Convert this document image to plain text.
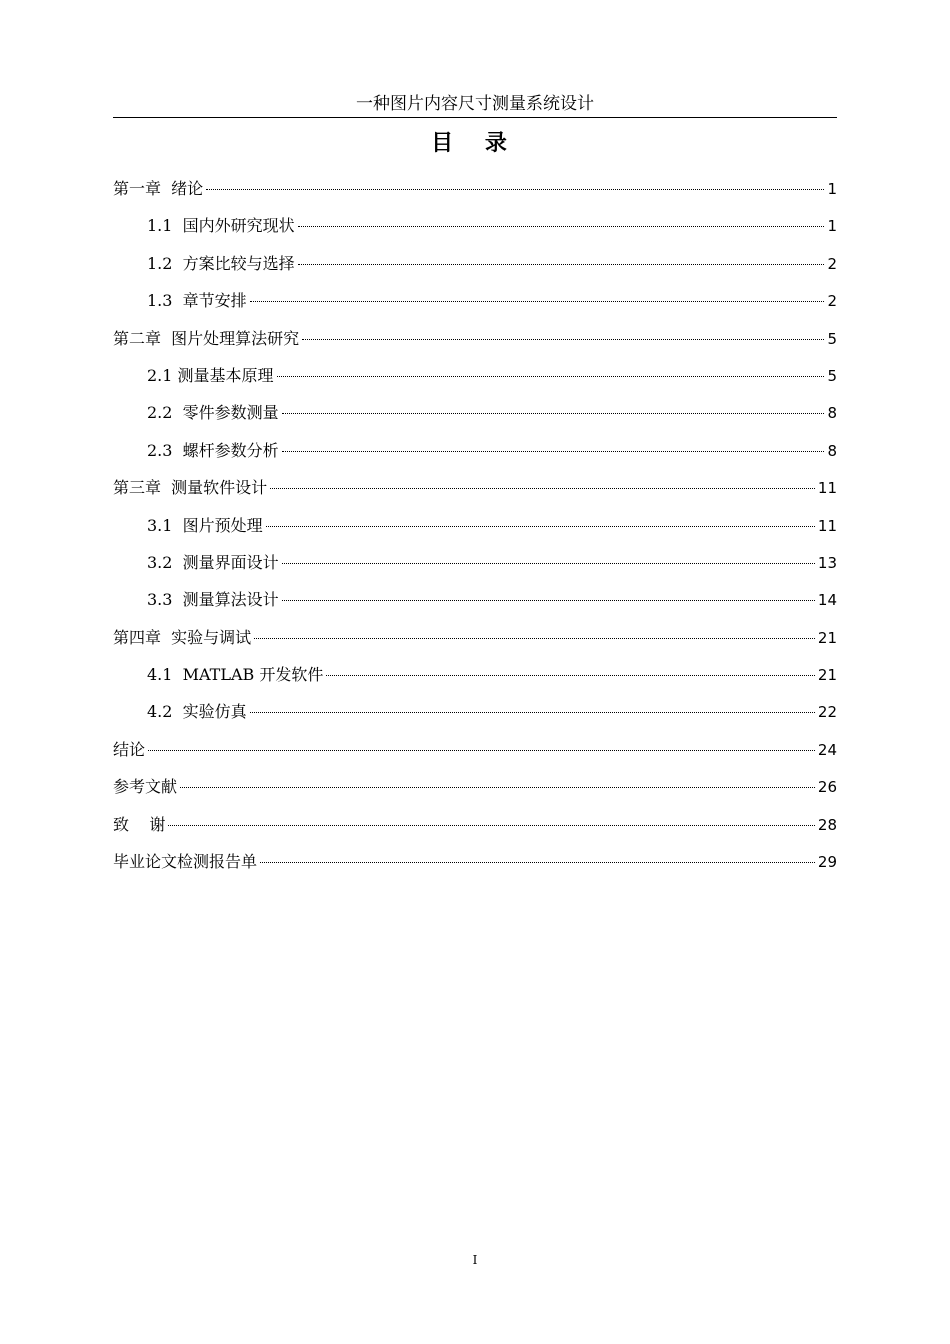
一种图片内容尺寸测量系统设计
目 录
第一章  绪论	1
1.1  国内外研究现状	1
1.2  方案比较与选择	2
1.3  章节安排	2
第二章  图片处理算法研究	5
2.1 测量基本原理	5
2.2  零件参数测量	8
2.3  螺杆参数分析	8
第三章  测量软件设计	11
3.1  图片预处理	11
3.2  测量界面设计	13
3.3  测量算法设计	14
第四章  实验与调试	21
4.1  MATLAB 开发软件	21
4.2  实验仿真	22
结论	24
参考文献	26
致    谢	28
毕业论文检测报告单	29
I
